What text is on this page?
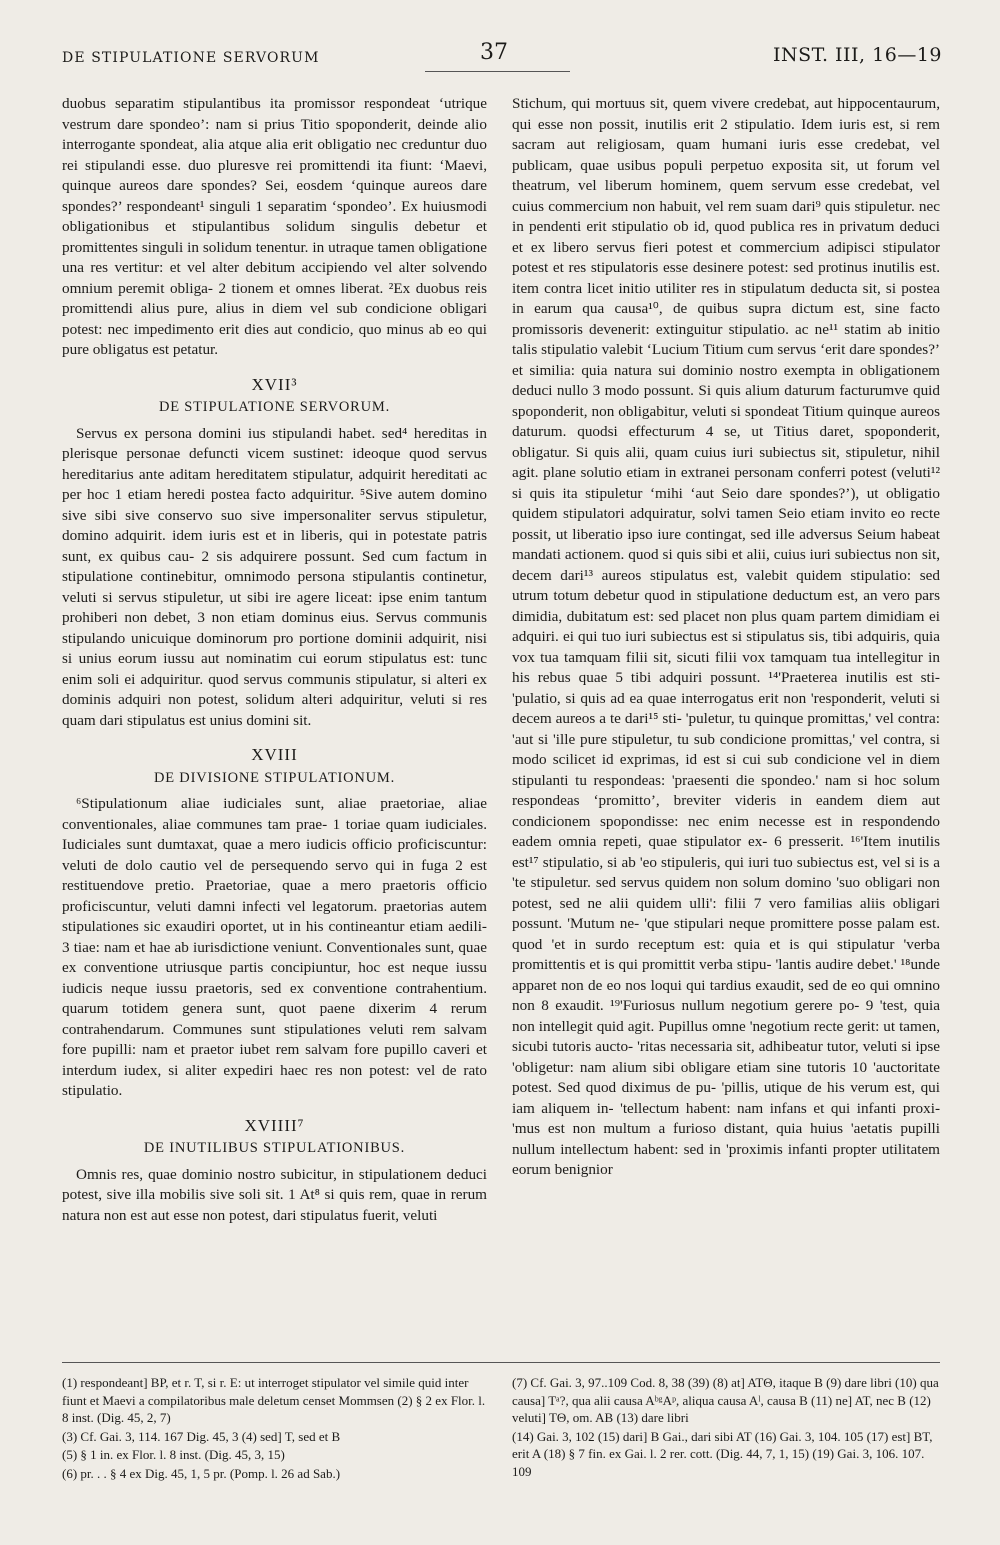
DE STIPULATIONE SERVORUM	37	INST. III, 16—19

duobus separatim stipulantibus ita promissor respondeat ‘utrique vestrum dare spondeo’: nam si prius Titio spoponderit, deinde alio interrogante spondeat, alia atque alia erit obligatio nec creduntur duo rei stipulandi esse. duo pluresve rei promittendi ita fiunt: ‘Maevi, quinque aureos dare spondes? Sei, eosdem ‘quinque aureos dare spondes?’ respondeant¹ singuli 1 separatim ‘spondeo’. Ex huiusmodi obligationibus et stipulantibus solidum singulis debetur et promittentes singuli in solidum tenentur. in utraque tamen obligatione una res vertitur: et vel alter debitum accipiendo vel alter solvendo omnium peremit obliga- 2 tionem et omnes liberat. ²Ex duobus reis promittendi alius pure, alius in diem vel sub condicione obligari potest: nec impedimento erit dies aut condicio, quo minus ab eo qui pure obligatus est petatur.

XVII³
DE STIPULATIONE SERVORUM.

Servus ex persona domini ius stipulandi habet. sed⁴ hereditas in plerisque personae defuncti vicem sustinet: ideoque quod servus hereditarius ante aditam hereditatem stipulatur, adquirit hereditati ac per hoc 1 etiam heredi postea facto adquiritur. ⁵Sive autem domino sive sibi sive conservo suo sive impersonaliter servus stipuletur, domino adquirit. idem iuris est et in liberis, qui in potestate patris sunt, ex quibus cau- 2 sis adquirere possunt. Sed cum factum in stipulatione continebitur, omnimodo persona stipulantis continetur, veluti si servus stipuletur, ut sibi ire agere liceat: ipse enim tantum prohiberi non debet, 3 non etiam dominus eius. Servus communis stipulando unicuique dominorum pro portione dominii adquirit, nisi si unius eorum iussu aut nominatim cui eorum stipulatus est: tunc enim soli ei adquiritur. quod servus communis stipulatur, si alteri ex dominis adquiri non potest, solidum alteri adquiritur, veluti si res quam dari stipulatus est unius domini sit.

XVIII
DE DIVISIONE STIPULATIONUM.

⁶Stipulationum aliae iudiciales sunt, aliae praetoriae, aliae conventionales, aliae communes tam prae- 1 toriae quam iudiciales. Iudiciales sunt dumtaxat, quae a mero iudicis officio proficiscuntur: veluti de dolo cautio vel de persequendo servo qui in fuga 2 est restituendove pretio. Praetoriae, quae a mero praetoris officio proficiscuntur, veluti damni infecti vel legatorum. praetorias autem stipulationes sic exaudiri oportet, ut in his contineantur etiam aedili- 3 tiae: nam et hae ab iurisdictione veniunt. Conventionales sunt, quae ex conventione utriusque partis concipiuntur, hoc est neque iussu iudicis neque iussu praetoris, sed ex conventione contrahentium. quarum totidem genera sunt, quot paene dixerim 4 rerum contrahendarum. Communes sunt stipulationes veluti rem salvam fore pupilli: nam et praetor iubet rem salvam fore pupillo caveri et interdum iudex, si aliter expediri haec res non potest: vel de rato stipulatio.

XVIIII⁷
DE INUTILIBUS STIPULATIONIBUS.

Omnis res, quae dominio nostro subicitur, in stipulationem deduci potest, sive illa mobilis sive soli sit. 1 At⁸ si quis rem, quae in rerum natura non est aut esse non potest, dari stipulatus fuerit, veluti

Stichum, qui mortuus sit, quem vivere credebat, aut hippocentaurum, qui esse non possit, inutilis erit 2 stipulatio. Idem iuris est, si rem sacram aut religiosam, quam humani iuris esse credebat, vel publicam, quae usibus populi perpetuo exposita sit, ut forum vel theatrum, vel liberum hominem, quem servum esse credebat, vel cuius commercium non habuit, vel rem suam dari⁹ quis stipuletur. nec in pendenti erit stipulatio ob id, quod publica res in privatum deduci et ex libero servus fieri potest et commercium adipisci stipulator potest et res stipulatoris esse desinere potest: sed protinus inutilis est. item contra licet initio utiliter res in stipulatum deducta sit, si postea in earum qua causa¹⁰, de quibus supra dictum est, sine facto promissoris devenerit: extinguitur stipulatio. ac ne¹¹ statim ab initio talis stipulatio valebit ‘Lucium Titium cum servus ‘erit dare spondes?’ et similia: quia natura sui dominio nostro exempta in obligationem deduci nullo 3 modo possunt. Si quis alium daturum facturumve quid spoponderit, non obligabitur, veluti si spondeat Titium quinque aureos daturum. quodsi effecturum 4 se, ut Titius daret, spoponderit, obligatur. Si quis alii, quam cuius iuri subiectus sit, stipuletur, nihil agit. plane solutio etiam in extranei personam conferri potest (veluti¹² si quis ita stipuletur ‘mihi ‘aut Seio dare spondes?’), ut obligatio quidem stipulatori adquiratur, solvi tamen Seio etiam invito eo recte possit, ut liberatio ipso iure contingat, sed ille adversus Seium habeat mandati actionem. quod si quis sibi et alii, cuius iuri subiectus non sit, decem dari¹³ aureos stipulatus est, valebit quidem stipulatio: sed utrum totum debetur quod in stipulatione deductum est, an vero pars dimidia, dubitatum est: sed placet non plus quam partem dimidiam ei adquiri. ei qui tuo iuri subiectus est si stipulatus sis, tibi adquiris, quia vox tua tamquam filii sit, sicuti filii vox tamquam tua intellegitur in his rebus quae 5 tibi adquiri possunt. ¹⁴'Praeterea inutilis est sti- 'pulatio, si quis ad ea quae interrogatus erit non 'responderit, veluti si decem aureos a te dari¹⁵ sti- 'puletur, tu quinque promittas,' vel contra: 'aut si 'ille pure stipuletur, tu sub condicione promittas,' vel contra, si modo scilicet id exprimas, id est si cui sub condicione vel in diem stipulanti tu respondeas: 'praesenti die spondeo.' nam si hoc solum respondeas ‘promitto’, breviter videris in eandem diem aut condicionem spopondisse: nec enim necesse est in respondendo eadem omnia repeti, quae stipulator ex- 6 presserit. ¹⁶'Item inutilis est¹⁷ stipulatio, si ab 'eo stipuleris, qui iuri tuo subiectus est, vel si is a 'te stipuletur. sed servus quidem non solum domino 'suo obligari non potest, sed ne alii quidem ulli': filii 7 vero familias aliis obligari possunt. 'Mutum ne- 'que stipulari neque promittere posse palam est. quod 'et in surdo receptum est: quia et is qui stipulatur 'verba promittentis et is qui promittit verba stipu- 'lantis audire debet.' ¹⁸unde apparet non de eo nos loqui qui tardius exaudit, sed de eo qui omnino non 8 exaudit. ¹⁹'Furiosus nullum negotium gerere po- 9 'test, quia non intellegit quid agit. Pupillus omne 'negotium recte gerit: ut tamen, sicubi tutoris aucto- 'ritas necessaria sit, adhibeatur tutor, veluti si ipse 'obligetur: nam alium sibi obligare etiam sine tutoris 10 'auctoritate potest. Sed quod diximus de pu- 'pillis, utique de his verum est, qui iam aliquem in- 'tellectum habent: nam infans et qui infanti proxi- 'mus est non multum a furioso distant, quia huius 'aetatis pupilli nullum intellectum habent: sed in 'proximis infanti propter utilitatem eorum benignior

(1) respondeant] BP, et r. T, si r. E: ut interroget stipulator vel simile quid inter fiunt et Maevi a compilatoribus male deletum censet Mommsen (2) § 2 ex Flor. l. 8 inst. (Dig. 45, 2, 7)
(3) Cf. Gai. 3, 114. 167 Dig. 45, 3 (4) sed] T, sed et B
(5) § 1 in. ex Flor. l. 8 inst. (Dig. 45, 3, 15)
(6) pr. . . § 4 ex Dig. 45, 1, 5 pr. (Pomp. l. 26 ad Sab.)
(7) Cf. Gai. 3, 97..109 Cod. 8, 38 (39) (8) at] ATΘ, itaque B (9) dare libri (10) qua causa] Tᵃ?, qua alii causa AᵇᵍAᵖ, aliqua causa Aˡ, causa B (11) ne] AT, nec B (12) veluti] TΘ, om. AB (13) dare libri
(14) Gai. 3, 102 (15) dari] B Gai., dari sibi AT (16) Gai. 3, 104. 105 (17) est] BT, erit A (18) § 7 fin. ex Gai. l. 2 rer. cott. (Dig. 44, 7, 1, 15) (19) Gai. 3, 106. 107. 109
